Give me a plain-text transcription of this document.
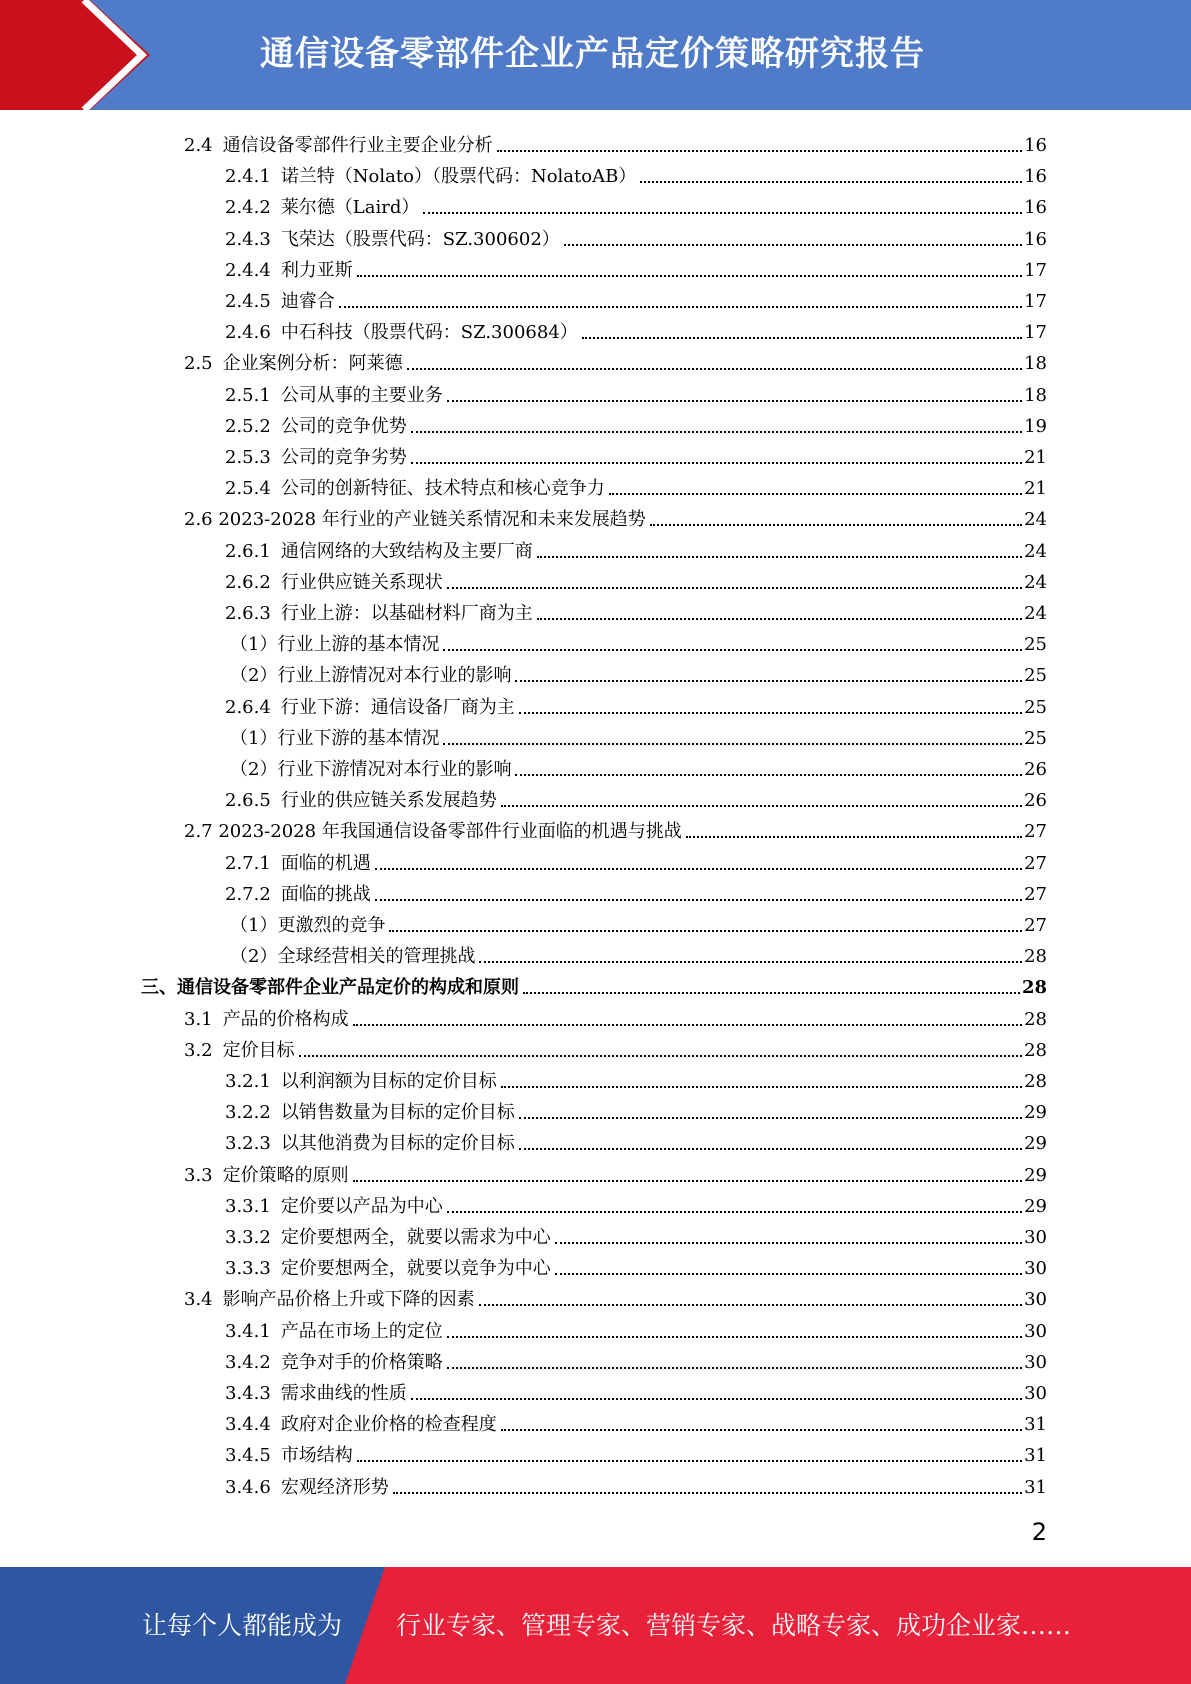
通信设备零部件企业产品定价策略研究报告
2.4 通信设备零部件行业主要企业分析	16
2.4.1 诺兰特（Nolato）（股票代码：NolatoAB）	16
2.4.2 莱尔德（Laird）	16
2.4.3 飞荣达（股票代码：SZ.300602）	16
2.4.4 利力亚斯	17
2.4.5 迪睿合	17
2.4.6 中石科技（股票代码：SZ.300684）	17
2.5 企业案例分析：阿莱德	18
2.5.1 公司从事的主要业务	18
2.5.2 公司的竞争优势	19
2.5.3 公司的竞争劣势	21
2.5.4 公司的创新特征、技术特点和核心竞争力	21
2.6 2023-2028 年行业的产业链关系情况和未来发展趋势	24
2.6.1 通信网络的大致结构及主要厂商	24
2.6.2 行业供应链关系现状	24
2.6.3 行业上游：以基础材料厂商为主	24
（1）行业上游的基本情况	25
（2）行业上游情况对本行业的影响	25
2.6.4 行业下游：通信设备厂商为主	25
（1）行业下游的基本情况	25
（2）行业下游情况对本行业的影响	26
2.6.5 行业的供应链关系发展趋势	26
2.7 2023-2028 年我国通信设备零部件行业面临的机遇与挑战	27
2.7.1 面临的机遇	27
2.7.2 面临的挑战	27
（1）更激烈的竞争	27
（2）全球经营相关的管理挑战	28
三、通信设备零部件企业产品定价的构成和原则	28
3.1 产品的价格构成	28
3.2 定价目标	28
3.2.1 以利润额为目标的定价目标	28
3.2.2 以销售数量为目标的定价目标	29
3.2.3 以其他消费为目标的定价目标	29
3.3 定价策略的原则	29
3.3.1 定价要以产品为中心	29
3.3.2 定价要想两全，就要以需求为中心	30
3.3.3 定价要想两全，就要以竞争为中心	30
3.4 影响产品价格上升或下降的因素	30
3.4.1 产品在市场上的定位	30
3.4.2 竞争对手的价格策略	30
3.4.3 需求曲线的性质	30
3.4.4 政府对企业价格的检查程度	31
3.4.5 市场结构	31
3.4.6 宏观经济形势	31
2
让每个人都能成为 行业专家、管理专家、营销专家、战略专家、成功企业家……
